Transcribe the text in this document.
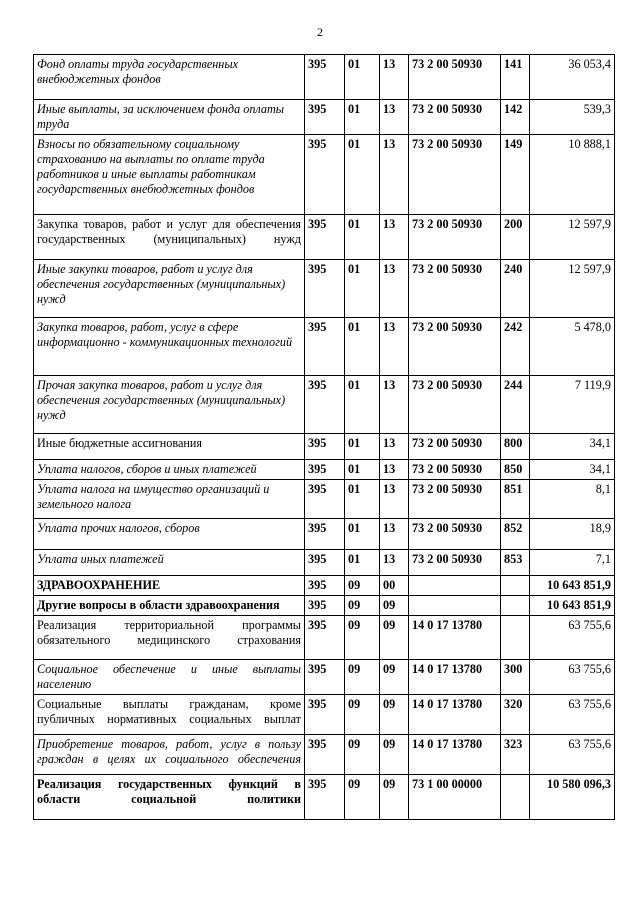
2
Фонд оплаты труда государственных внебюджетных фондов	395	01	13	73 2 00 50930	141	36 053,4
Иные выплаты, за исключением фонда оплаты труда	395	01	13	73 2 00 50930	142	539,3
Взносы по обязательному социальному страхованию на выплаты по оплате труда работников и иные выплаты работникам государственных внебюджетных фондов	395	01	13	73 2 00 50930	149	10 888,1
Закупка товаров, работ и услуг для обеспечения государственных (муниципальных) нужд	395	01	13	73 2 00 50930	200	12 597,9
Иные закупки товаров, работ и услуг для обеспечения государственных (муниципальных) нужд	395	01	13	73 2 00 50930	240	12 597,9
Закупка товаров, работ, услуг в сфере информационно - коммуникационных технологий	395	01	13	73 2 00 50930	242	5 478,0
Прочая закупка товаров, работ и услуг для обеспечения государственных (муниципальных) нужд	395	01	13	73 2 00 50930	244	7 119,9
Иные бюджетные ассигнования	395	01	13	73 2 00 50930	800	34,1
Уплата налогов, сборов и иных платежей	395	01	13	73 2 00 50930	850	34,1
Уплата налога на имущество организаций и земельного налога	395	01	13	73 2 00 50930	851	8,1
Уплата прочих налогов, сборов	395	01	13	73 2 00 50930	852	18,9
Уплата иных платежей	395	01	13	73 2 00 50930	853	7,1
ЗДРАВООХРАНЕНИЕ	395	09	00			10 643 851,9
Другие вопросы в области здравоохранения	395	09	09			10 643 851,9
Реализация территориальной программы обязательного медицинского страхования	395	09	09	14 0 17 13780		63 755,6
Социальное обеспечение и иные выплаты населению	395	09	09	14 0 17 13780	300	63 755,6
Социальные выплаты гражданам, кроме публичных нормативных социальных выплат	395	09	09	14 0 17 13780	320	63 755,6
Приобретение товаров, работ, услуг в пользу граждан в целях их социального обеспечения	395	09	09	14 0 17 13780	323	63 755,6
Реализация государственных функций в области социальной политики	395	09	09	73 1 00 00000		10 580 096,3
